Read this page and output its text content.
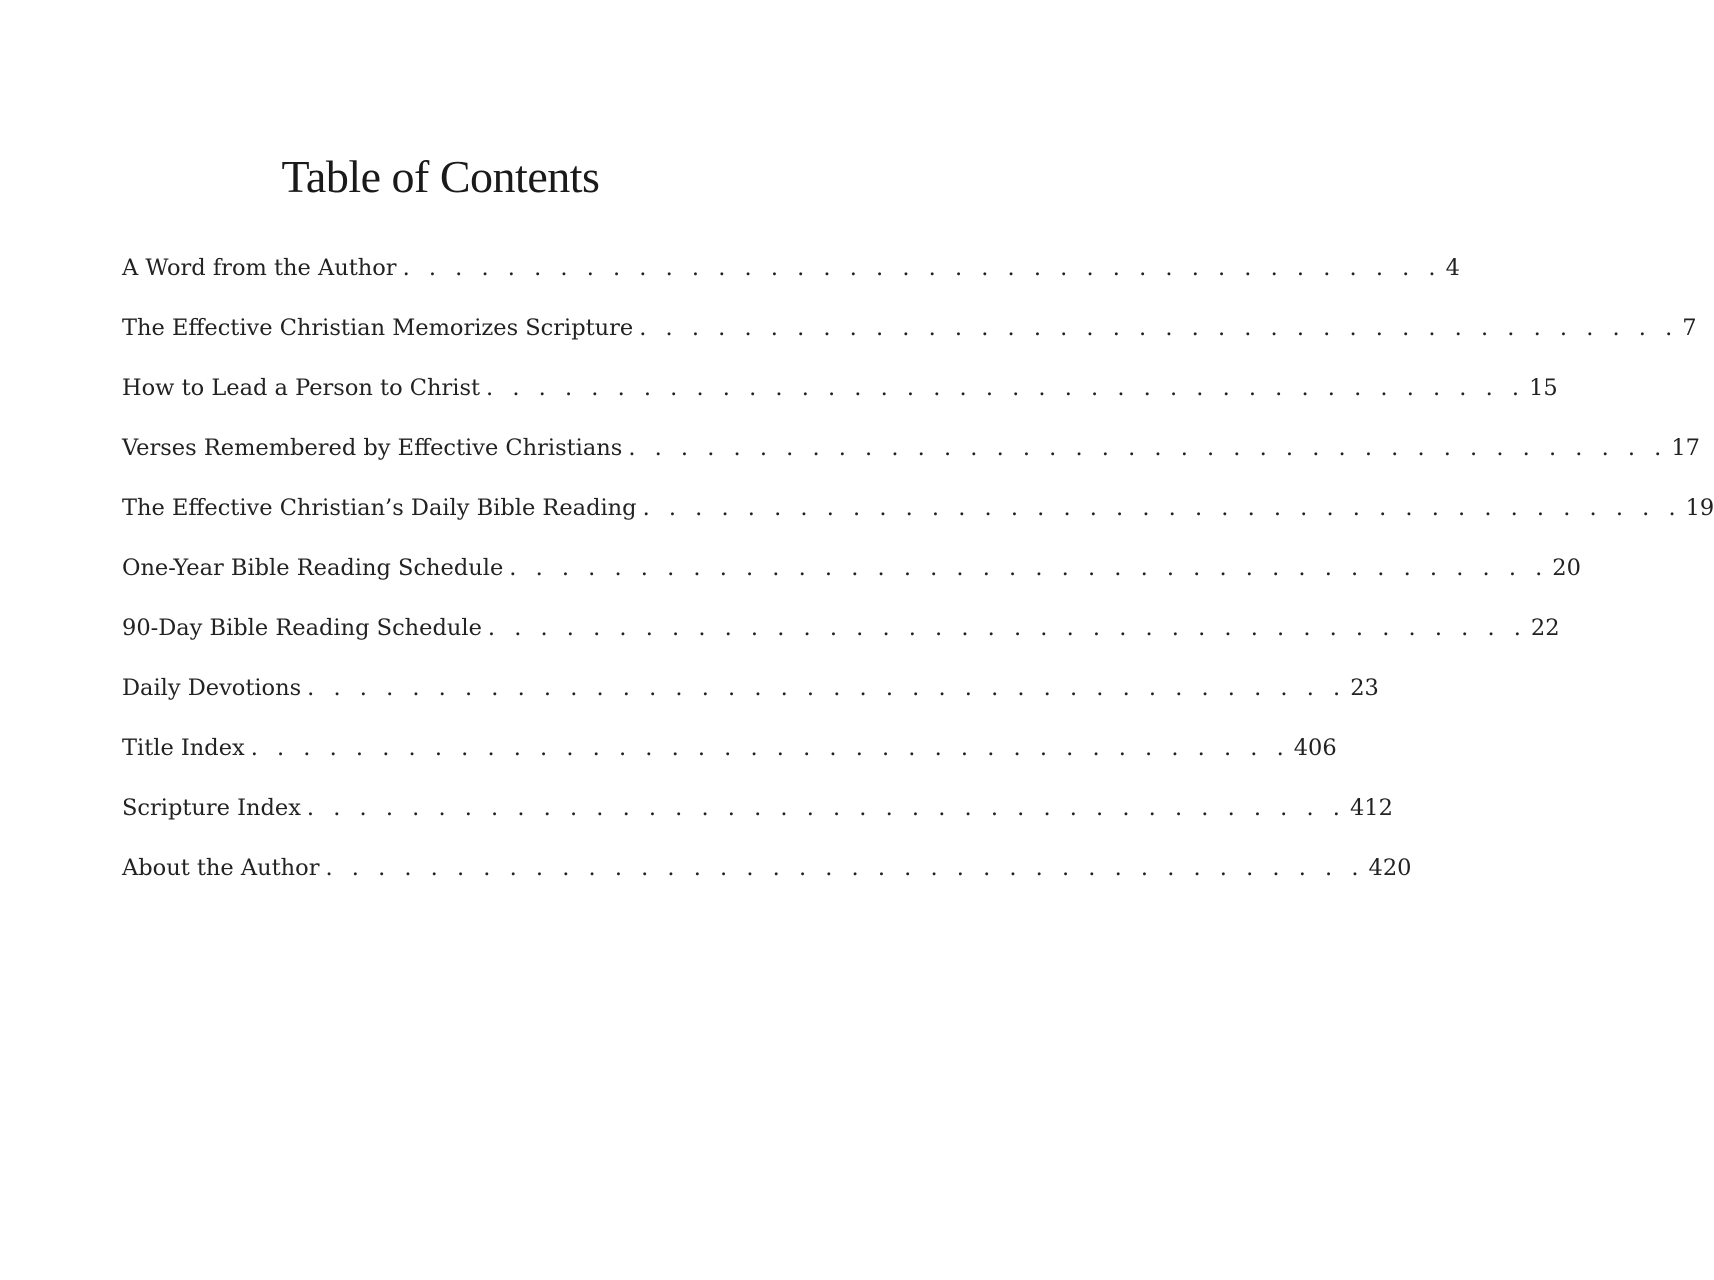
Table of Contents
A Word from the Author . . . . . . . . . . . . . . . . . . . . . . . . . . . . . . . . . . . . . . . . 4
The Effective Christian Memorizes Scripture . . . . . . . . . . . . . . . . . . . . . . . . . . . . . . . . . . . . . . . . 7
How to Lead a Person to Christ . . . . . . . . . . . . . . . . . . . . . . . . . . . . . . . . . . . . . . . . 15
Verses Remembered by Effective Christians . . . . . . . . . . . . . . . . . . . . . . . . . . . . . . . . . . . . . . . . 17
The Effective Christian’s Daily Bible Reading . . . . . . . . . . . . . . . . . . . . . . . . . . . . . . . . . . . . . . . . 19
One-Year Bible Reading Schedule . . . . . . . . . . . . . . . . . . . . . . . . . . . . . . . . . . . . . . . . 20
90-Day Bible Reading Schedule . . . . . . . . . . . . . . . . . . . . . . . . . . . . . . . . . . . . . . . . 22
Daily Devotions . . . . . . . . . . . . . . . . . . . . . . . . . . . . . . . . . . . . . . . . 23
Title Index . . . . . . . . . . . . . . . . . . . . . . . . . . . . . . . . . . . . . . . . 406
Scripture Index . . . . . . . . . . . . . . . . . . . . . . . . . . . . . . . . . . . . . . . . 412
About the Author . . . . . . . . . . . . . . . . . . . . . . . . . . . . . . . . . . . . . . . . 420
